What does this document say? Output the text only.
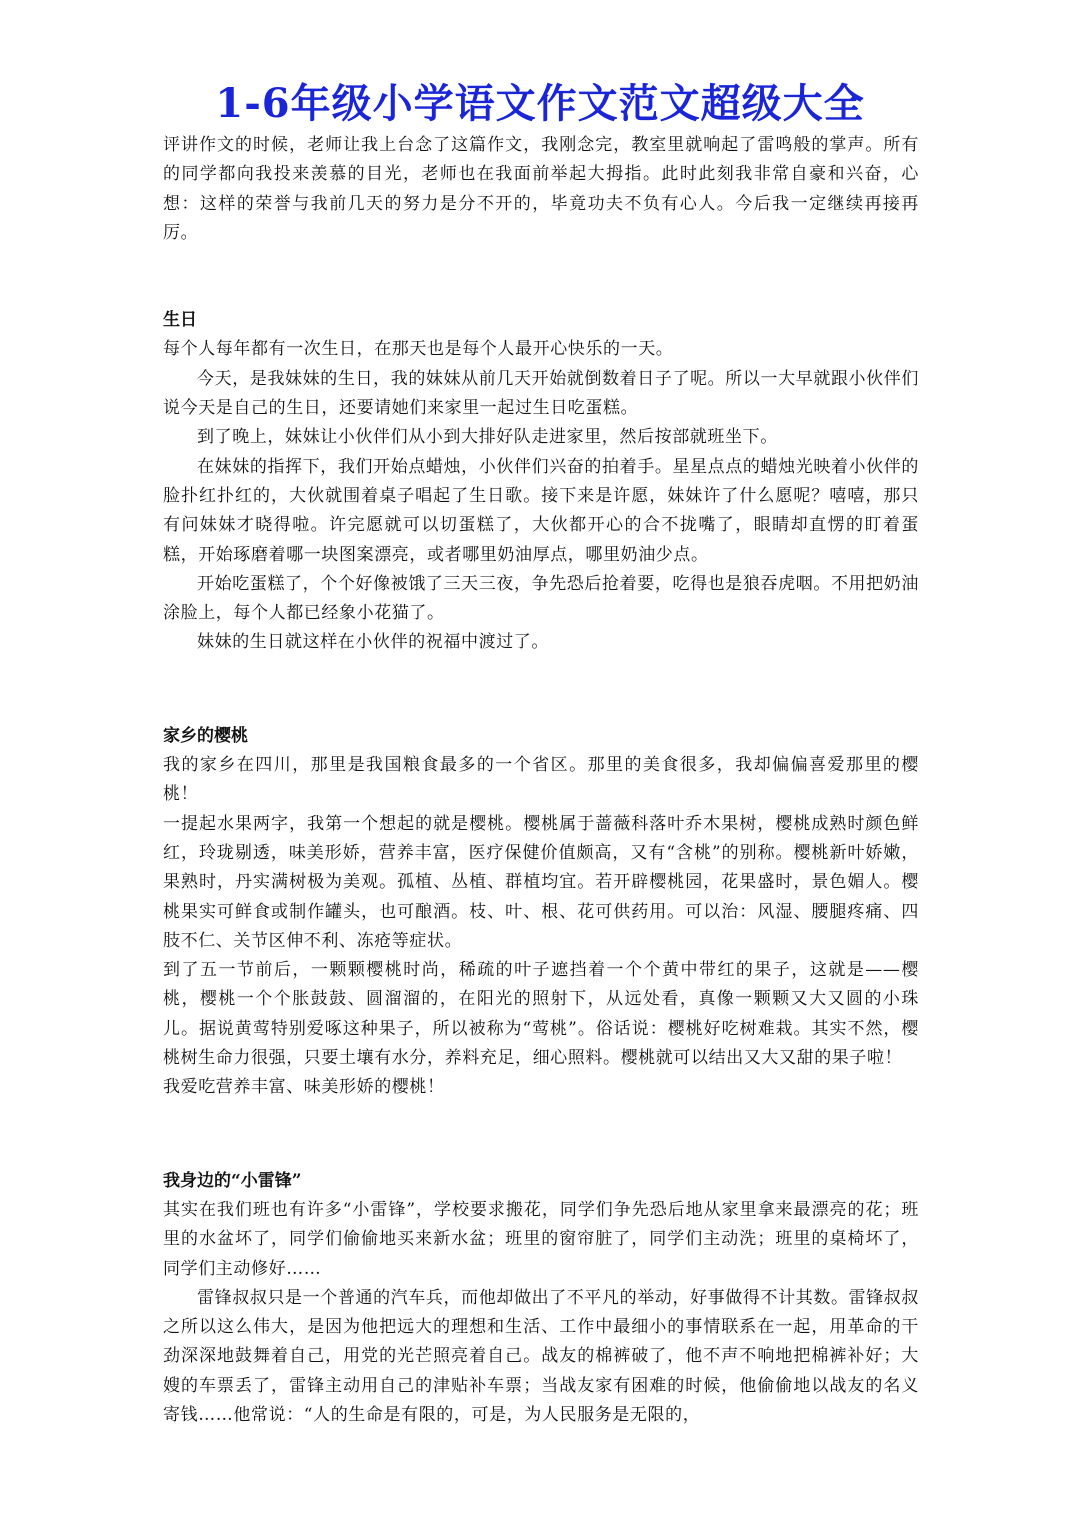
1-6年级小学语文作文范文超级大全

评讲作文的时候，老师让我上台念了这篇作文，我刚念完，教室里就响起了雷鸣般的掌声。所有的同学都向我投来羡慕的目光，老师也在我面前举起大拇指。此时此刻我非常自豪和兴奋，心想：这样的荣誉与我前几天的努力是分不开的，毕竟功夫不负有心人。今后我一定继续再接再厉。

生日

每个人每年都有一次生日，在那天也是每个人最开心快乐的一天。

今天，是我妹妹的生日，我的妹妹从前几天开始就倒数着日子了呢。所以一大早就跟小伙伴们说今天是自己的生日，还要请她们来家里一起过生日吃蛋糕。

到了晚上，妹妹让小伙伴们从小到大排好队走进家里，然后按部就班坐下。

在妹妹的指挥下，我们开始点蜡烛，小伙伴们兴奋的拍着手。星星点点的蜡烛光映着小伙伴的脸扑红扑红的，大伙就围着桌子唱起了生日歌。接下来是许愿，妹妹许了什么愿呢？嘻嘻，那只有问妹妹才晓得啦。许完愿就可以切蛋糕了，大伙都开心的合不拢嘴了，眼睛却直愣的盯着蛋糕，开始琢磨着哪一块图案漂亮，或者哪里奶油厚点，哪里奶油少点。

开始吃蛋糕了，个个好像被饿了三天三夜，争先恐后抢着要，吃得也是狼吞虎咽。不用把奶油涂脸上，每个人都已经象小花猫了。

妹妹的生日就这样在小伙伴的祝福中渡过了。

家乡的樱桃

我的家乡在四川，那里是我国粮食最多的一个省区。那里的美食很多，我却偏偏喜爱那里的樱桃！

一提起水果两字，我第一个想起的就是樱桃。樱桃属于蔷薇科落叶乔木果树，樱桃成熟时颜色鲜红，玲珑剔透，味美形娇，营养丰富，医疗保健价值颇高，又有“含桃”的别称。樱桃新叶娇嫩，果熟时，丹实满树极为美观。孤植、丛植、群植均宜。若开辟樱桃园，花果盛时，景色媚人。樱桃果实可鲜食或制作罐头，也可酿酒。枝、叶、根、花可供药用。可以治：风湿、腰腿疼痛、四肢不仁、关节区伸不利、冻疮等症状。

到了五一节前后，一颗颗樱桃时尚，稀疏的叶子遮挡着一个个黄中带红的果子，这就是——樱桃，樱桃一个个胀鼓鼓、圆溜溜的，在阳光的照射下，从远处看，真像一颗颗又大又圆的小珠儿。据说黄莺特别爱啄这种果子，所以被称为“莺桃”。俗话说：樱桃好吃树难栽。其实不然，樱桃树生命力很强，只要土壤有水分，养料充足，细心照料。樱桃就可以结出又大又甜的果子啦！

我爱吃营养丰富、味美形娇的樱桃！

我身边的“小雷锋”

其实在我们班也有许多“小雷锋”，学校要求搬花，同学们争先恐后地从家里拿来最漂亮的花；班里的水盆坏了，同学们偷偷地买来新水盆；班里的窗帘脏了，同学们主动洗；班里的桌椅坏了，同学们主动修好……

雷锋叔叔只是一个普通的汽车兵，而他却做出了不平凡的举动，好事做得不计其数。雷锋叔叔之所以这么伟大，是因为他把远大的理想和生活、工作中最细小的事情联系在一起，用革命的干劲深深地鼓舞着自己，用党的光芒照亮着自己。战友的棉裤破了，他不声不响地把棉裤补好；大嫂的车票丢了，雷锋主动用自己的津贴补车票；当战友家有困难的时候，他偷偷地以战友的名义寄钱……他常说：“人的生命是有限的，可是，为人民服务是无限的，
